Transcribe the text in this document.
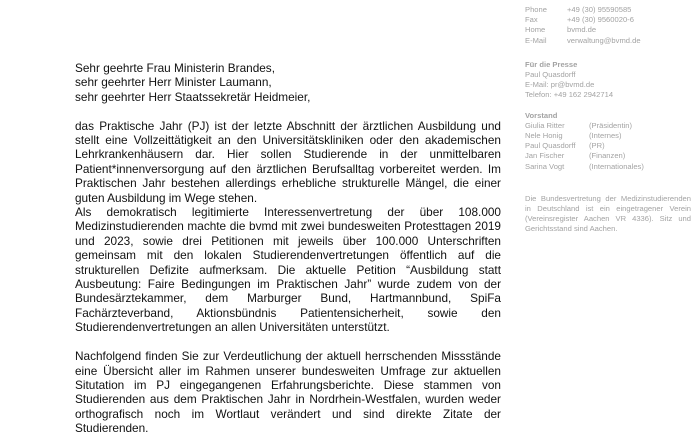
Phone	+49 (30) 95590585
Fax	+49 (30) 9560020-6
Home	bvmd.de
E-Mail	verwaltung@bvmd.de
Für die Presse
Paul Quasdorff
E-Mail: pr@bvmd.de
Telefon: +49 162 2942714
Vorstand
Giulia Ritter	(Präsidentin)
Nele Honig	(Internes)
Paul Quasdorff	(PR)
Jan Fischer	(Finanzen)
Sarina Vogt	(Internationales)
Die Bundesvertretung der Medizinstudierenden in Deutschland ist ein eingetragener Verein (Vereinsregister Aachen VR 4336). Sitz und Gerichtsstand sind Aachen.

Sehr geehrte Frau Ministerin Brandes,

sehr geehrter Herr Minister Laumann,

sehr geehrter Herr Staatssekretär Heidmeier,

das Praktische Jahr (PJ) ist der letzte Abschnitt der ärztlichen Ausbildung und stellt eine Vollzeittätigkeit an den Universitätskliniken oder den akademischen Lehrkrankenhäusern dar. Hier sollen Studierende in der unmittelbaren Patient*innenversorgung auf den ärztlichen Berufsalltag vorbereitet werden. Im Praktischen Jahr bestehen allerdings erhebliche strukturelle Mängel, die einer guten Ausbildung im Wege stehen.

Als demokratisch legitimierte Interessenvertretung der über 108.000 Medizinstudierenden machte die bvmd mit zwei bundesweiten Protesttagen 2019 und 2023, sowie drei Petitionen mit jeweils über 100.000 Unterschriften gemeinsam mit den lokalen Studierendenvertretungen öffentlich auf die strukturellen Defizite aufmerksam. Die aktuelle Petition “Ausbildung statt Ausbeutung: Faire Bedingungen im Praktischen Jahr” wurde zudem von der Bundesärztekammer, dem Marburger Bund, Hartmannbund, SpiFa Fachärzteverband, Aktionsbündnis Patientensicherheit, sowie den Studierendenvertretungen an allen Universitäten unterstützt.

Nachfolgend finden Sie zur Verdeutlichung der aktuell herrschenden Missstände eine Übersicht aller im Rahmen unserer bundesweiten Umfrage zur aktuellen Situtation im PJ eingegangenen Erfahrungsberichte. Diese stammen von Studierenden aus dem Praktischen Jahr in Nordrhein-Westfalen, wurden weder orthografisch noch im Wortlaut verändert und sind direkte Zitate der Studierenden.
